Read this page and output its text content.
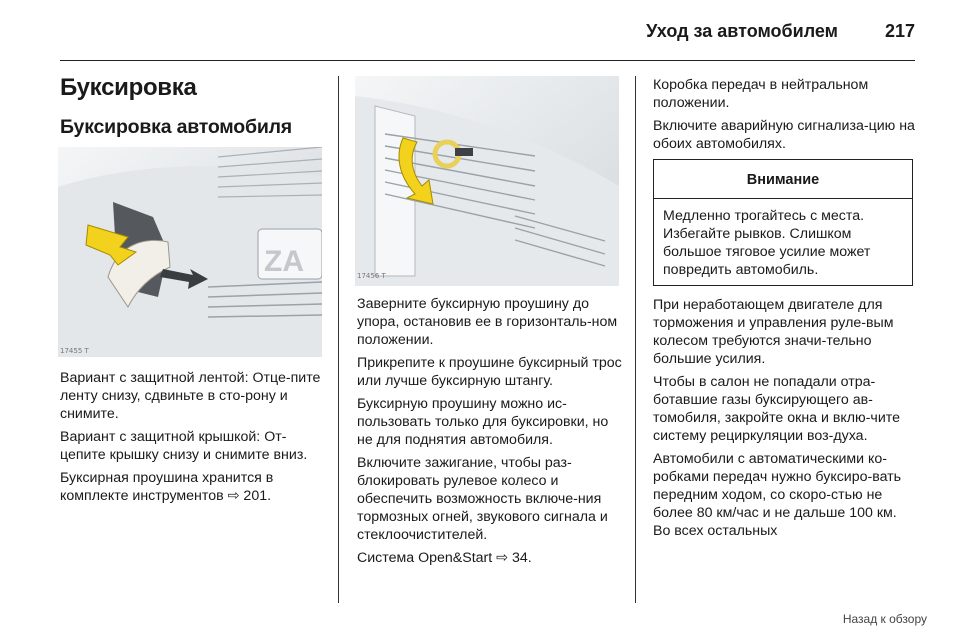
Уход за автомобилем	217
Буксировка
Буксировка автомобиля
ZA
17455 T

Вариант с защитной лентой: Отце-пите ленту снизу, сдвиньте в сто-рону и снимите.

Вариант с защитной крышкой: От-цепите крышку снизу и снимите вниз.

Буксирная проушина хранится в комплекте инструментов ⇨ 201.

17456 T

Заверните буксирную проушину до упора, остановив ее в горизонталь-ном положении.

Прикрепите к проушине буксирный трос или лучше буксирную штангу.

Буксирную проушину можно ис-пользовать только для буксировки, но не для поднятия автомобиля.

Включите зажигание, чтобы раз-блокировать рулевое колесо и обеспечить возможность включе-ния тормозных огней, звукового сигнала и стеклоочистителей.

Система Open&Start ⇨ 34.

Коробка передач в нейтральном положении.

Включите аварийную сигнализа-цию на обоих автомобилях.

Внимание
Медленно трогайтесь с места. Избегайте рывков. Слишком большое тяговое усилие может повредить автомобиль.

При неработающем двигателе для торможения и управления руле-вым колесом требуются значи-тельно большие усилия.

Чтобы в салон не попадали отра-ботавшие газы буксирующего ав-томобиля, закройте окна и вклю-чите систему рециркуляции воз-духа.

Автомобили с автоматическими ко-робками передач нужно буксиро-вать передним ходом, со скоро-стью не более 80 км/час и не дальше 100 км. Во всех остальных

Назад к обзору
